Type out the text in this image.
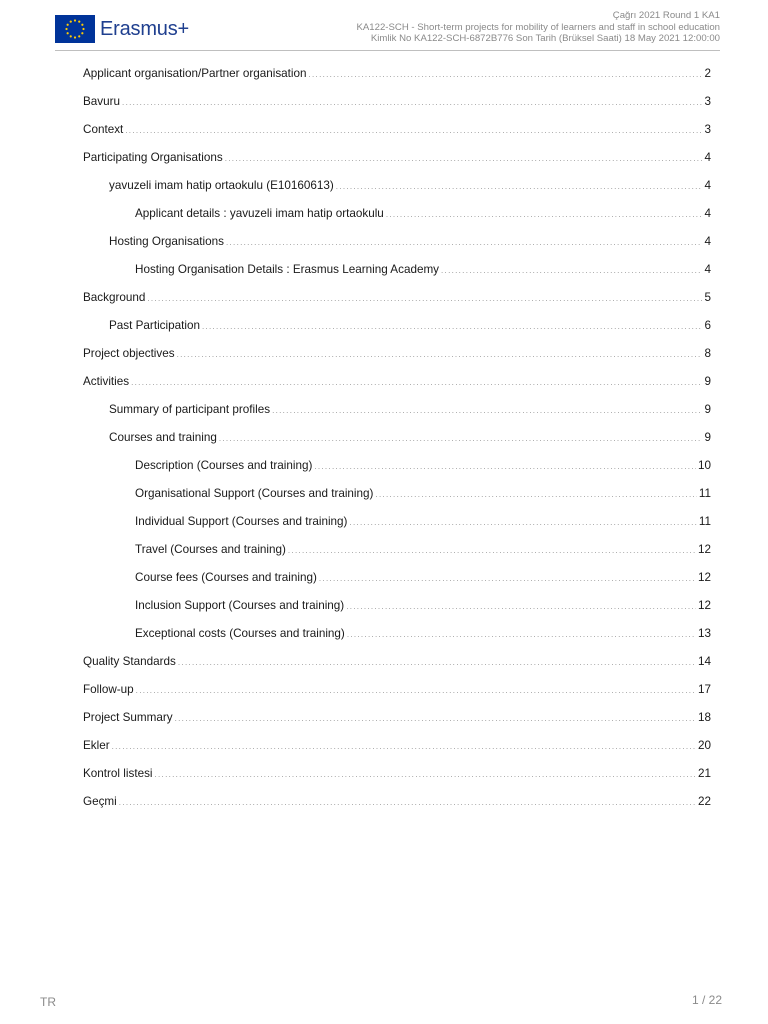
Erasmus+
Çağrı 2021 Round 1 KA1
KA122-SCH - Short-term projects for mobility of learners and staff in school education
Kimlik No KA122-SCH-6872B776 Son Tarih (Brüksel Saati) 18 May 2021 12:00:00
Applicant organisation/Partner organisation .....	2
Bavuru .....	3
Context .....	3
Participating Organisations .....	4
yavuzeli imam hatip ortaokulu (E10160613) .....	4
Applicant details : yavuzeli imam hatip ortaokulu .....	4
Hosting Organisations .....	4
Hosting Organisation Details : Erasmus Learning Academy .....	4
Background .....	5
Past Participation .....	6
Project objectives .....	8
Activities .....	9
Summary of participant profiles .....	9
Courses and training .....	9
Description (Courses and training) .....	10
Organisational Support (Courses and training) .....	11
Individual Support (Courses and training) .....	11
Travel (Courses and training) .....	12
Course fees (Courses and training) .....	12
Inclusion Support (Courses and training) .....	12
Exceptional costs (Courses and training) .....	13
Quality Standards .....	14
Follow-up .....	17
Project Summary .....	18
Ekler .....	20
Kontrol listesi .....	21
Geçmi .....	22
TR	1 / 22
